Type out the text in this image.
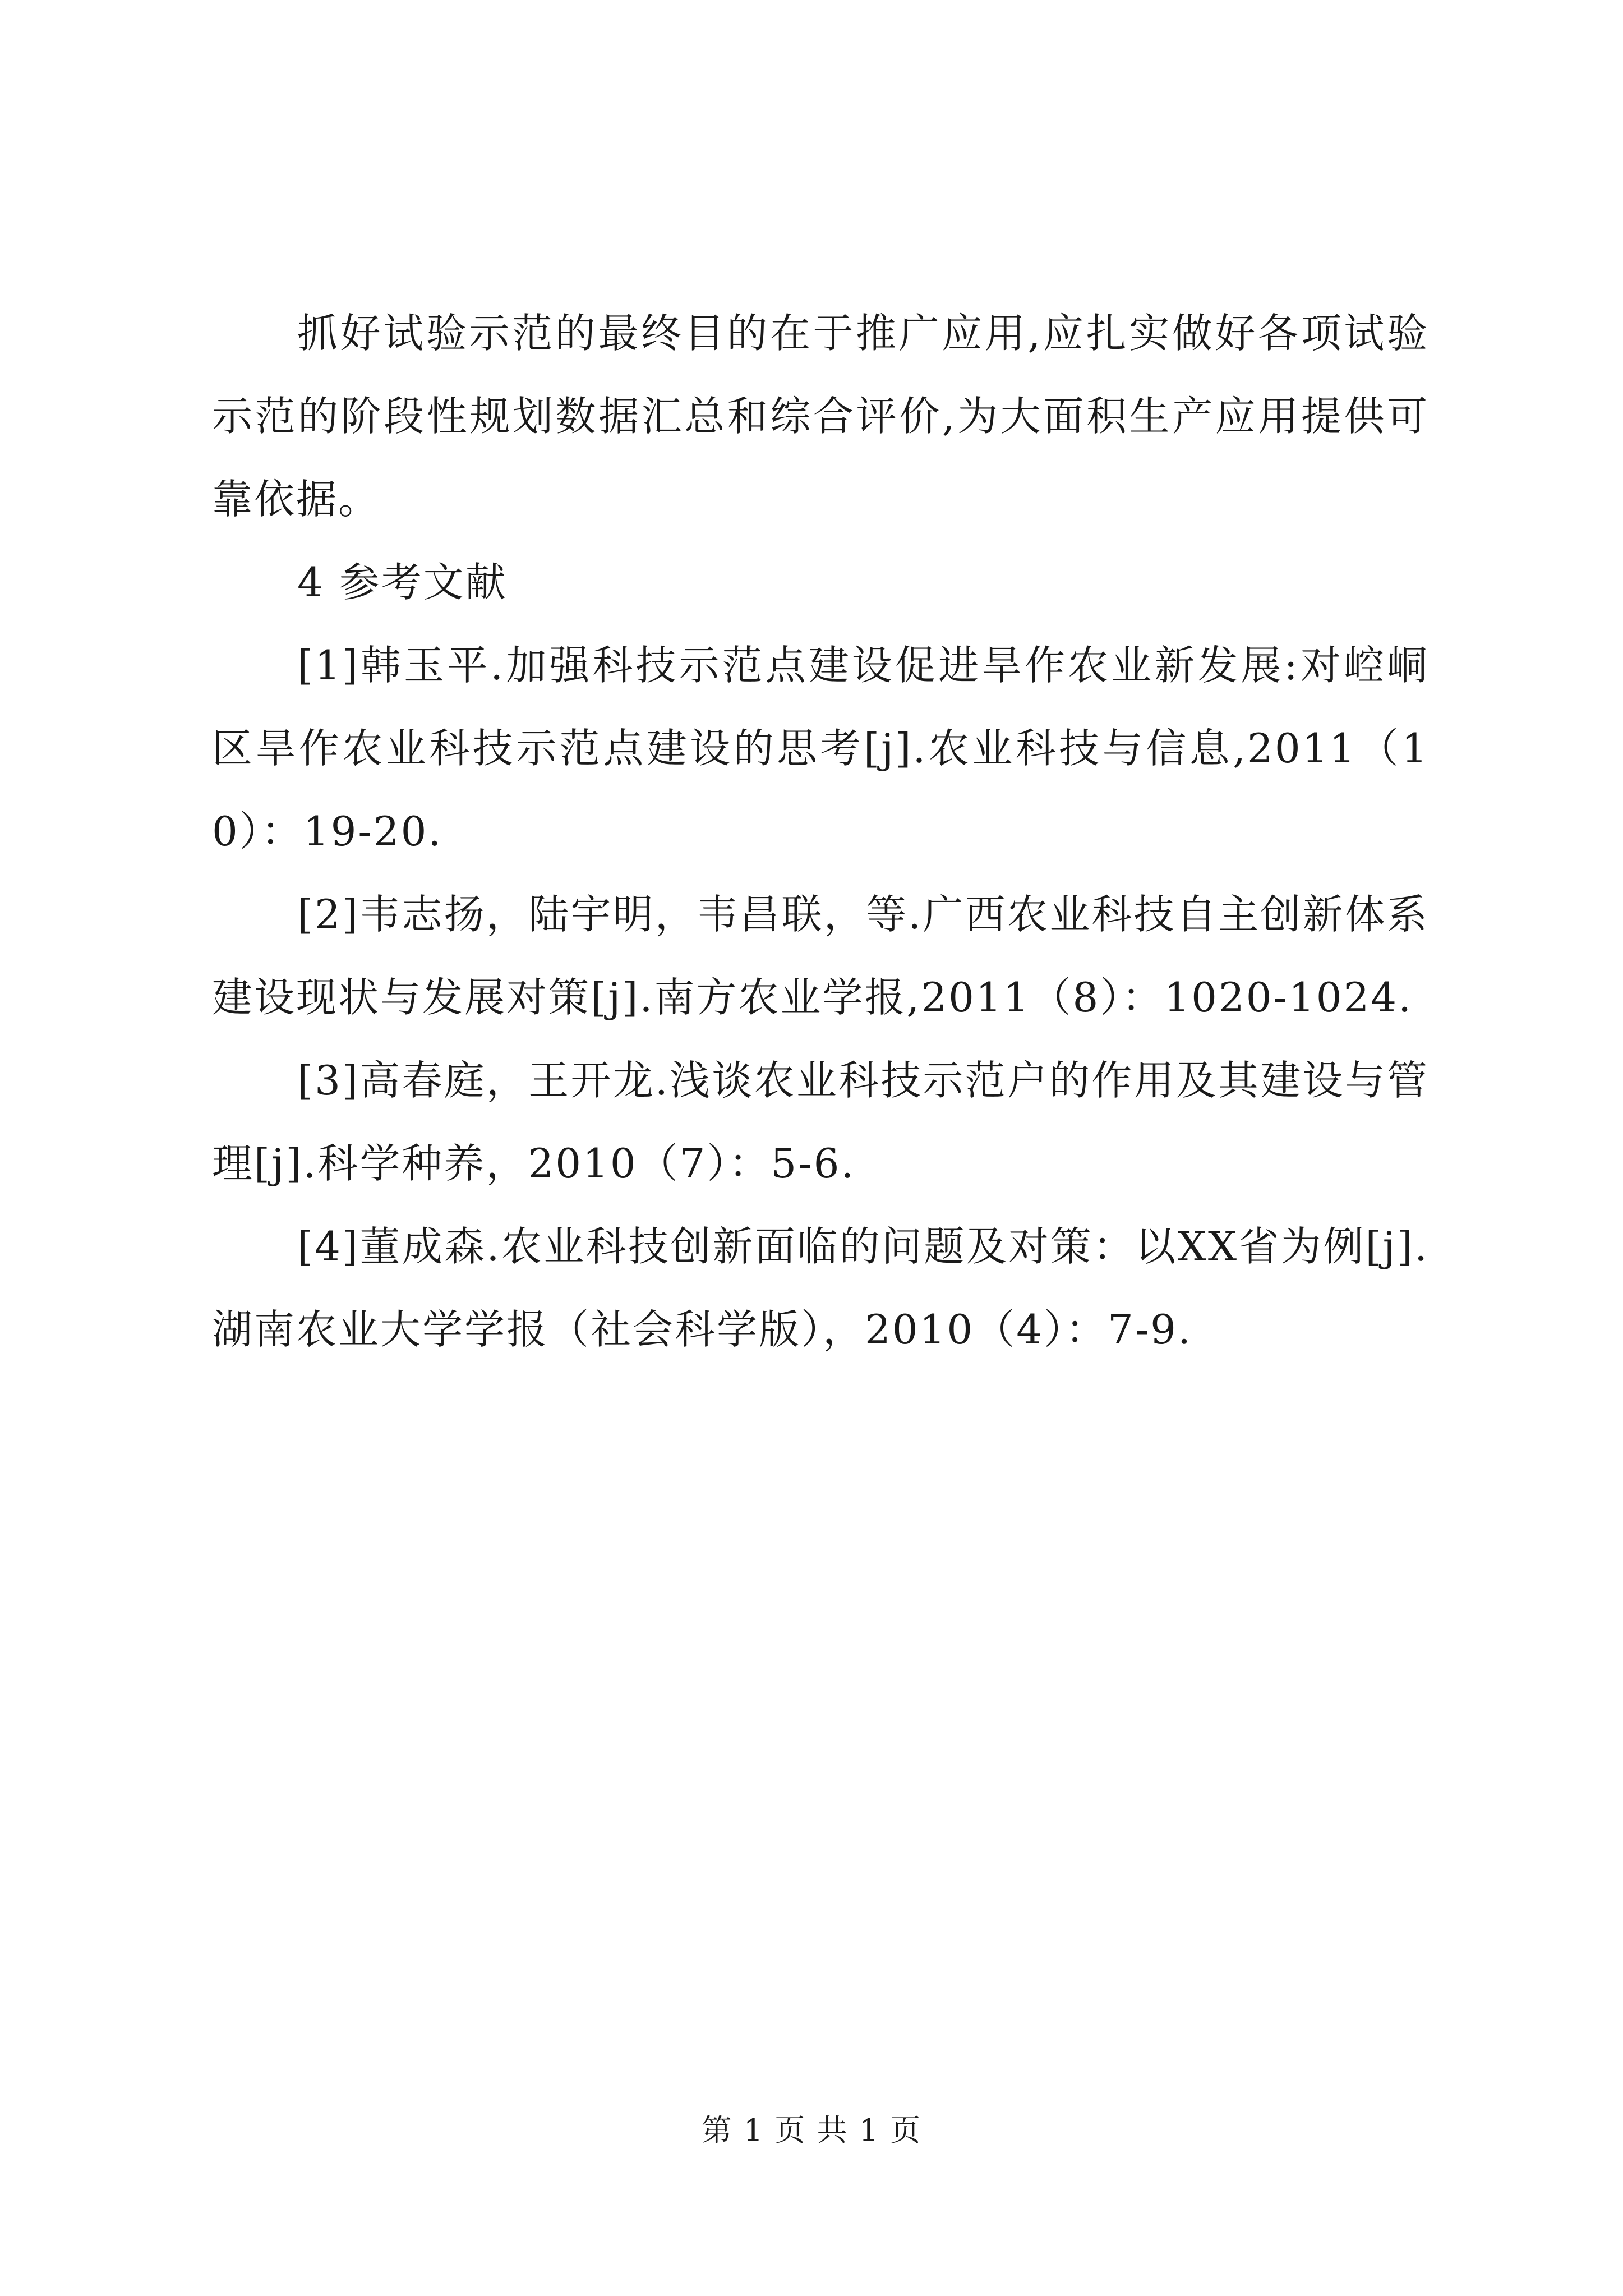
抓好试验示范的最终目的在于推广应用,应扎实做好各项试验示范的阶段性规划数据汇总和综合评价,为大面积生产应用提供可靠依据。

4 参考文献

[1]韩玉平.加强科技示范点建设促进旱作农业新发展:对崆峒区旱作农业科技示范点建设的思考[j].农业科技与信息,2011（10）：19-20.

[2]韦志扬，陆宇明，韦昌联，等.广西农业科技自主创新体系建设现状与发展对策[j].南方农业学报,2011（8）：1020-1024.

[3]高春庭，王开龙.浅谈农业科技示范户的作用及其建设与管理[j].科学种养，2010（7）：5-6.

[4]董成森.农业科技创新面临的问题及对策：以XX省为例[j].湖南农业大学学报（社会科学版），2010（4）：7-9.

第 1 页 共 1 页
